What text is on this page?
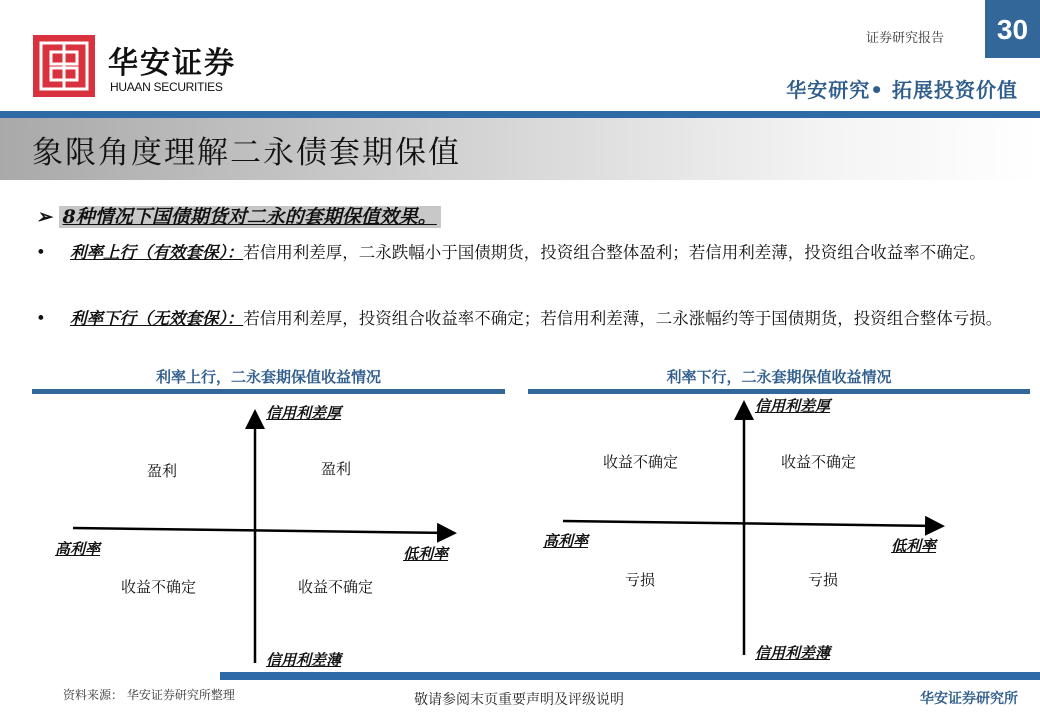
华安证券
HUAAN SECURITIES
证券研究报告	30
华安研究• 拓展投资价值
象限角度理解二永债套期保值
➢ 8种情况下国债期货对二永的套期保值效果。
• 利率上行（有效套保）：若信用利差厚，二永跌幅小于国债期货，投资组合整体盈利；若信用利差薄，投资组合收益率不确定。
• 利率下行（无效套保）：若信用利差厚，投资组合收益率不确定；若信用利差薄，二永涨幅约等于国债期货，投资组合整体亏损。
利率上行，二永套期保值收益情况
信用利差厚
信用利差薄
高利率	低利率
盈利	盈利
收益不确定	收益不确定
利率下行，二永套期保值收益情况
信用利差厚
信用利差薄
高利率	低利率
收益不确定	收益不确定
亏损	亏损
资料来源： 华安证券研究所整理	敬请参阅末页重要声明及评级说明	华安证券研究所
